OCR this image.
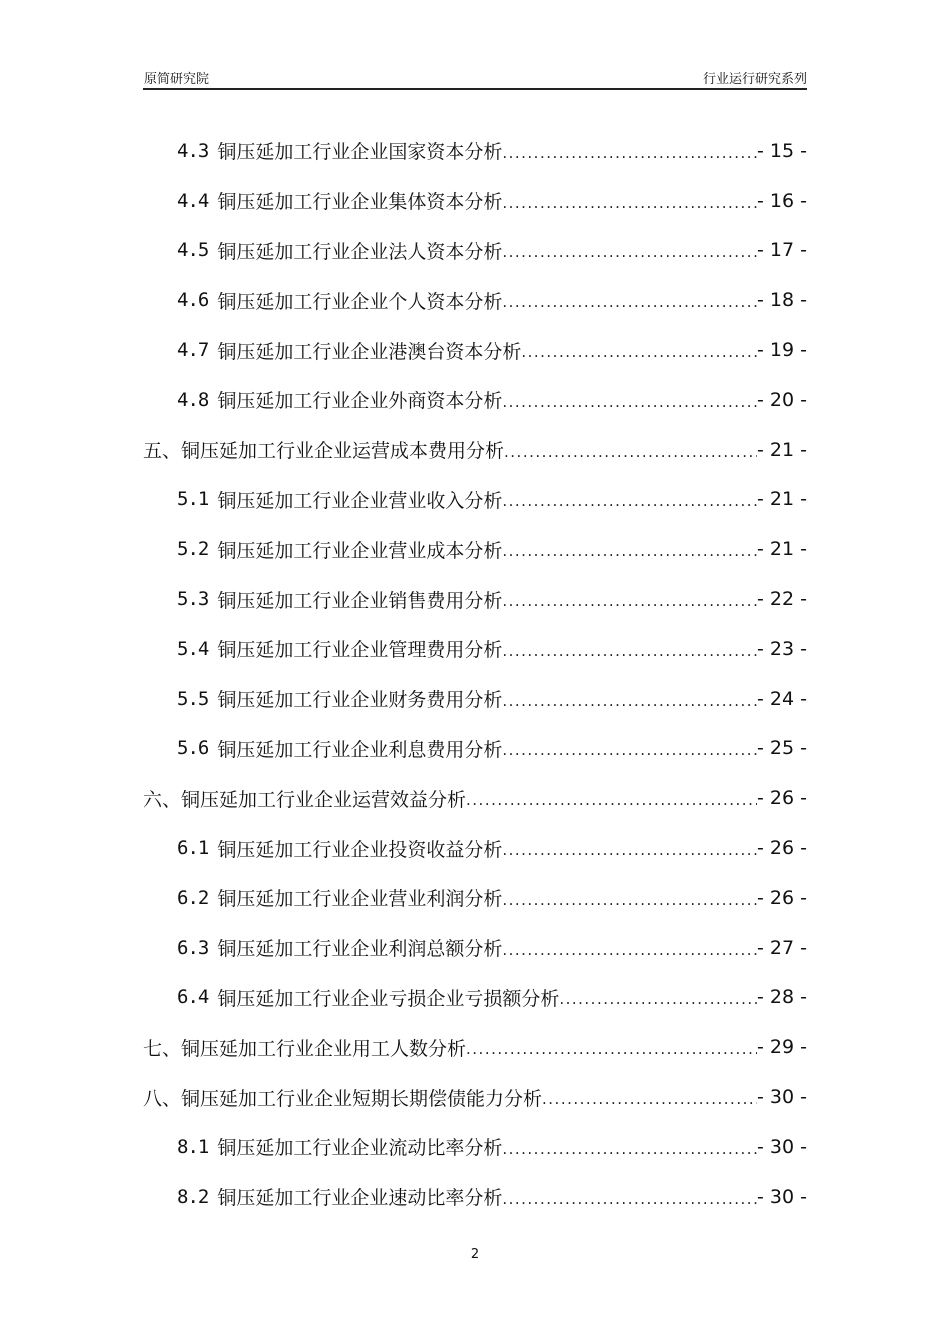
原简研究院	行业运行研究系列
4.3 铜压延加工行业企业国家资本分析 .....	- 15 -
4.4 铜压延加工行业企业集体资本分析 .....	- 16 -
4.5 铜压延加工行业企业法人资本分析 .....	- 17 -
4.6 铜压延加工行业企业个人资本分析 .....	- 18 -
4.7 铜压延加工行业企业港澳台资本分析 .....	- 19 -
4.8 铜压延加工行业企业外商资本分析 .....	- 20 -
五、铜压延加工行业企业运营成本费用分析 .....	- 21 -
5.1 铜压延加工行业企业营业收入分析 .....	- 21 -
5.2 铜压延加工行业企业营业成本分析 .....	- 21 -
5.3 铜压延加工行业企业销售费用分析 .....	- 22 -
5.4 铜压延加工行业企业管理费用分析 .....	- 23 -
5.5 铜压延加工行业企业财务费用分析 .....	- 24 -
5.6 铜压延加工行业企业利息费用分析 .....	- 25 -
六、铜压延加工行业企业运营效益分析 .....	- 26 -
6.1 铜压延加工行业企业投资收益分析 .....	- 26 -
6.2 铜压延加工行业企业营业利润分析 .....	- 26 -
6.3 铜压延加工行业企业利润总额分析 .....	- 27 -
6.4 铜压延加工行业企业亏损企业亏损额分析 .....	- 28 -
七、铜压延加工行业企业用工人数分析 .....	- 29 -
八、铜压延加工行业企业短期长期偿债能力分析 .....	- 30 -
8.1 铜压延加工行业企业流动比率分析 .....	- 30 -
8.2 铜压延加工行业企业速动比率分析 .....	- 30 -
2
